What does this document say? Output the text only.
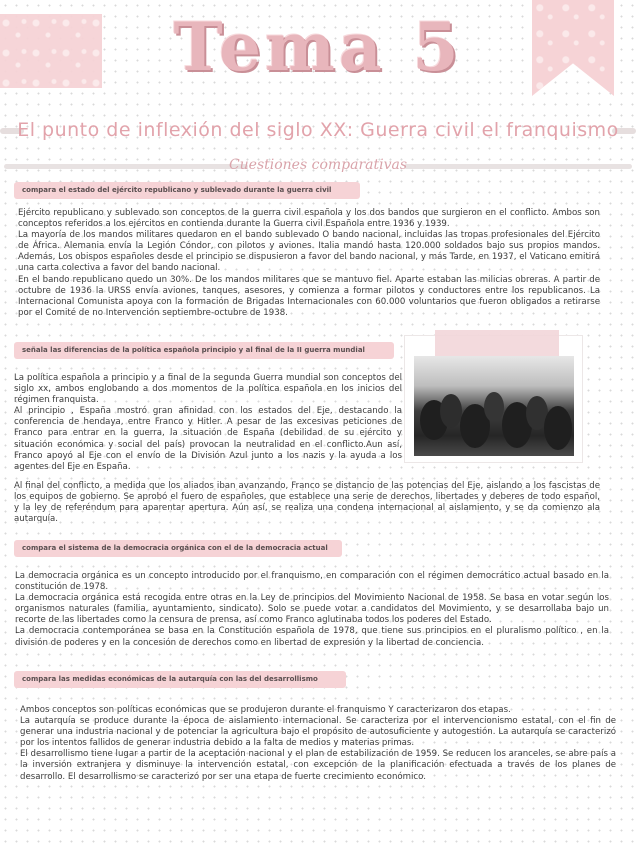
Tema 5
El punto de inflexión del siglo XX: Guerra civil el franquismo
Cuestiones comparativas
compara el estado del ejército republicano y sublevado durante la guerra civil

Ejército republicano y sublevado son conceptos de la guerra civil española y los dos bandos que surgieron en el conflicto. Ambos son conceptos referidos a los ejércitos en contienda durante la Guerra civil Española entre 1936 y 1939.

La mayoría de los mandos militares quedaron en el bando sublevado O bando nacional, incluidas las tropas profesionales del Ejército de África. Alemania envía la Legión Cóndor, con pilotos y aviones. Italia mandó hasta 120.000 soldados bajo sus propios mandos. Además, Los obispos españoles desde el principio se dispusieron a favor del bando nacional, y más Tarde, en 1937, el Vaticano emitirá una carta colectiva a favor del bando nacional.

En el bando republicano quedo un 30%. De los mandos militares que se mantuvo fiel. Aparte estaban las milicias obreras. A partir de octubre de 1936 la URSS envía aviones, tanques, asesores, y comienza a formar pilotos y conductores entre los republicanos. La Internacional Comunista apoya con la formación de Brigadas Internacionales con 60.000 voluntarios que fueron obligados a retirarse por el Comité de no Intervención septiembre-octubre de 1938.

señala las diferencias de la política española principio y al final de la II guerra mundial

La política española a principio y a final de la segunda Guerra mundial son conceptos del siglo xx, ambos englobando a dos momentos de la política española en los inicios del régimen franquista.

Al principio , España mostró gran afinidad con los estados del Eje, destacando la conferencia de hendaya, entre Franco y Hitler. A pesar de las excesivas peticiones de Franco para entrar en la guerra, la situación de España (debilidad de su ejército y situación económica y social del país) provocan la neutralidad en el conflicto.Aun así, Franco apoyó al Eje con el envío de la División Azul junto a los nazis y la ayuda a los agentes del Eje en España.

Al final del conflicto, a medida que los aliados iban avanzando, Franco se distancio de las potencias del Eje, aislando a los fascistas de los equipos de gobierno. Se aprobó el fuero de españoles, que establece una serie de derechos, libertades y deberes de todo español, y la ley de referéndum para aparentar apertura. Aún así, se realiza una condena internacional al aislamiento, y se da comienzo ala autarquía.

compara el sistema de la democracia orgánica con el de la democracia actual

La democracia orgánica es un concepto introducido por el franquismo, en comparación con el régimen democrático actual basado en la constitución de 1978.

La democracia orgánica está recogida entre otras en la Ley de principios del Movimiento Nacional de 1958. Se basa en votar según los organismos naturales (familia, ayuntamiento, sindicato). Solo se puede votar a candidatos del Movimiento, y se desarrollaba bajo un recorte de las libertades como la censura de prensa, así como Franco aglutinaba todos los poderes del Estado.

La democracia contemporánea se basa en la Constitución española de 1978, que tiene sus principios en el pluralismo político , en la división de poderes y en la concesión de derechos como en libertad de expresión y la libertad de conciencia.

compara las medidas económicas de la autarquía con las del desarrollismo

Ambos conceptos son políticas económicas que se produjeron durante el franquismo Y caracterizaron dos etapas.

La autarquía se produce durante la época de aislamiento internacional. Se caracteriza por el intervencionismo estatal, con el fin de generar una industria nacional y de potenciar la agricultura bajo el propósito de autosuficiente y autogestión. La autarquía se caracterizó por los intentos fallidos de generar industria debido a la falta de medios y materias primas.

El desarrollismo tiene lugar a partir de la aceptación nacional y el plan de estabilización de 1959. Se reducen los aranceles, se abre país a la inversión extranjera y disminuye la intervención estatal, con excepción de la planificación efectuada a través de los planes de desarrollo. El desarrollismo se caracterizó por ser una etapa de fuerte crecimiento económico.
